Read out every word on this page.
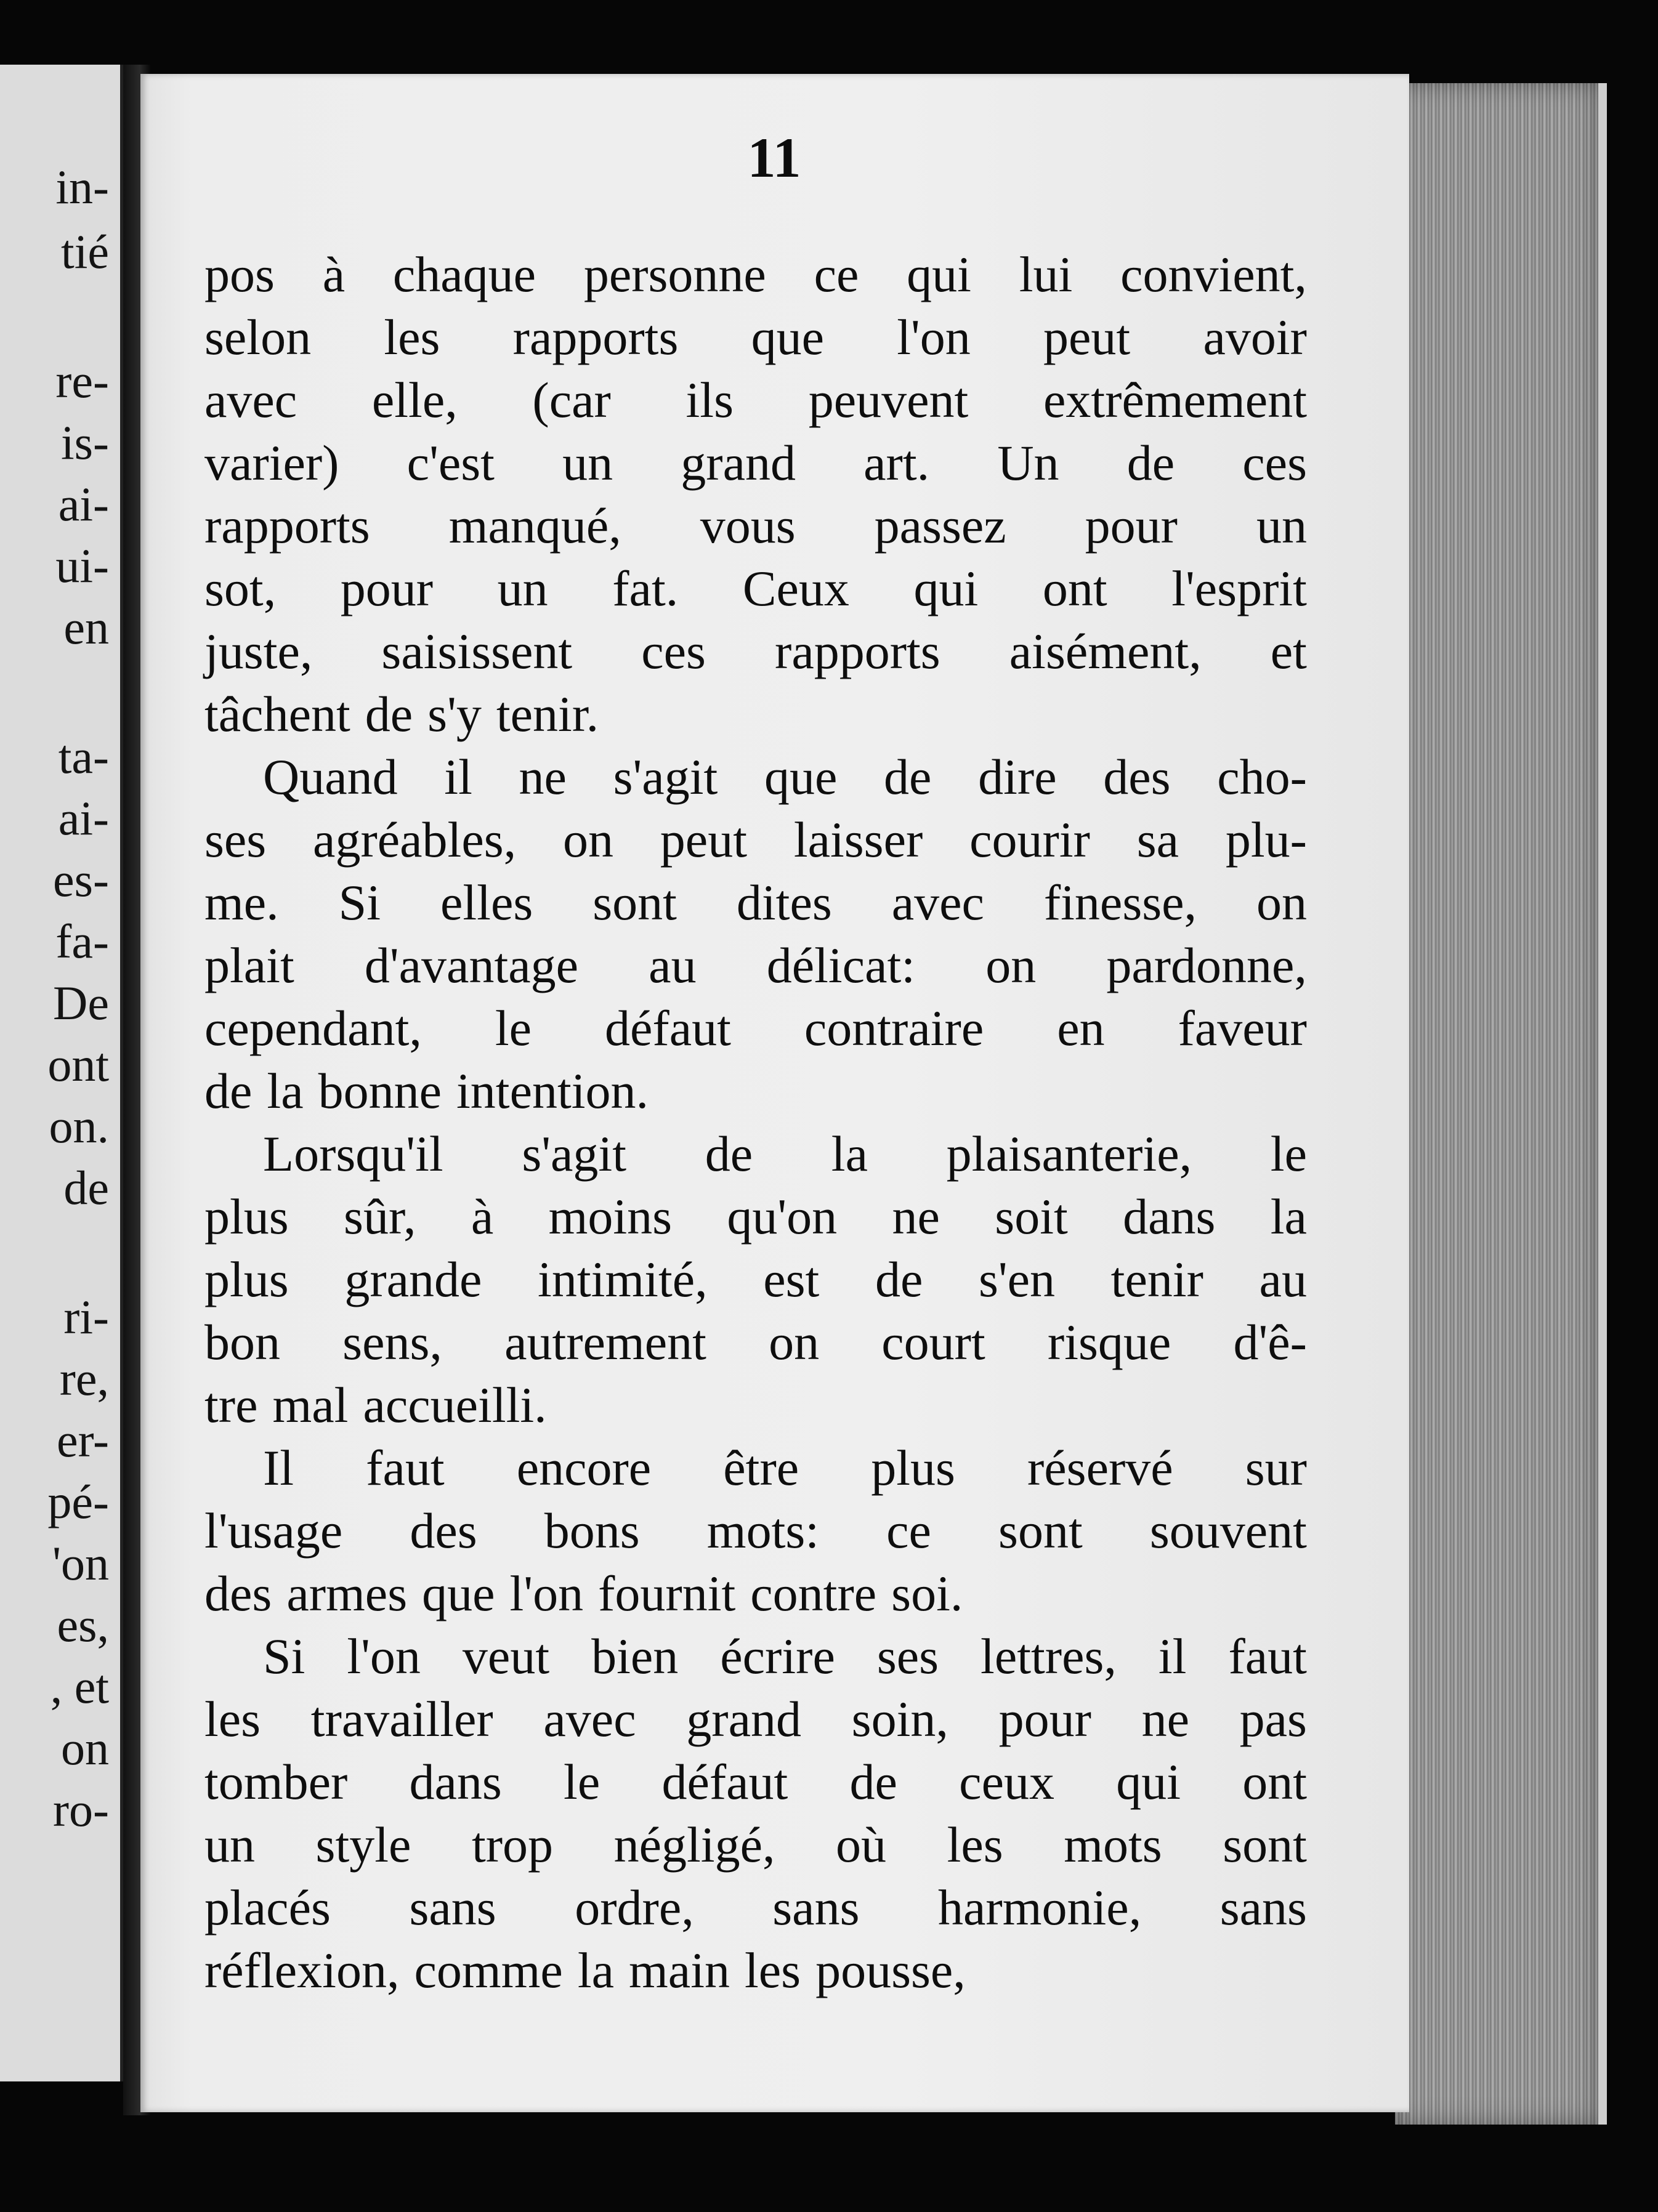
in-
tié
re-
is-
ai-
ui-
en
ta-
ai-
es-
fa-
De
ont
on.
de
ri-
re,
er-
pé-
'on
es,
, et
on
ro-
11
pos à chaque personne ce qui lui convient,
selon les rapports que l'on peut avoir
avec elle, (car ils peuvent extrêmement
varier) c'est un grand art. Un de ces
rapports manqué, vous passez pour un
sot, pour un fat. Ceux qui ont l'esprit
juste, saisissent ces rapports aisément, et
tâchent de s'y tenir.
Quand il ne s'agit que de dire des cho-
ses agréables, on peut laisser courir sa plu-
me. Si elles sont dites avec finesse, on
plait d'avantage au délicat: on pardonne,
cependant, le défaut contraire en faveur
de la bonne intention.
Lorsqu'il s'agit de la plaisanterie, le
plus sûr, à moins qu'on ne soit dans la
plus grande intimité, est de s'en tenir au
bon sens, autrement on court risque d'ê-
tre mal accueilli.
Il faut encore être plus réservé sur
l'usage des bons mots: ce sont souvent
des armes que l'on fournit contre soi.
Si l'on veut bien écrire ses lettres, il faut
les travailler avec grand soin, pour ne pas
tomber dans le défaut de ceux qui ont
un style trop négligé, où les mots sont
placés sans ordre, sans harmonie, sans
réflexion, comme la main les pousse,
